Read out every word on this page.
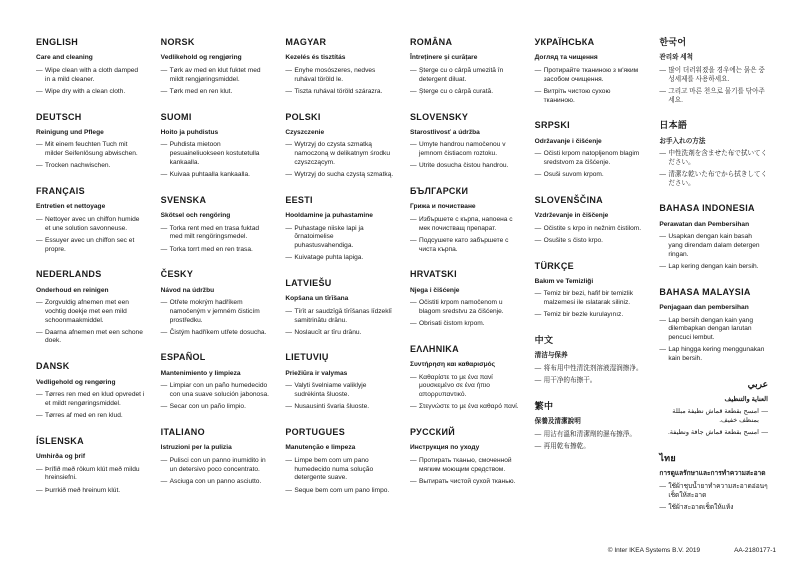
ENGLISH
Care and cleaning
— Wipe clean with a cloth damped in a mild cleaner.
— Wipe dry with a clean cloth.
DEUTSCH
Reinigung und Pflege
— Mit einem feuchten Tuch mit milder Seifenlösung abwischen.
— Trocken nachwischen.
FRANÇAIS
Entretien et nettoyage
— Nettoyer avec un chiffon humide et une solution savonneuse.
— Essuyer avec un chiffon sec et propre.
NEDERLANDS
Onderhoud en reinigen
— Zorgvuldig afnemen met een vochtig doekje met een mild schoonmaakmiddel.
— Daarna afnemen met een schone doek.
DANSK
Vedligehold og rengøring
— Tørres ren med en klud opvredet i et mildt rengøringsmiddel.
— Tørres af med en ren klud.
ÍSLENSKA
Umhirða og þrif
— Þrífið með rökum klút með mildu hreinsiefni.
— Þurrkið með hreinum klút.
NORSK
Vedlikehold og rengjøring
— Tørk av med en klut fuktet med mildt rengjøringsmiddel.
— Tørk med en ren klut.
SUOMI
Hoito ja puhdistus
— Puhdista mietoon pesuaineliuokseen kostutetulla kankaalla.
— Kuivaa puhtaalla kankaalla.
SVENSKA
Skötsel och rengöring
— Torka rent med en trasa fuktad med milt rengöringsmedel.
— Torka torrt med en ren trasa.
ČESKY
Návod na údržbu
— Otřete mokrým hadříkem namočeným v jemném čisticím prostředku.
— Čistým hadříkem utřete dosucha.
ESPAÑOL
Mantenimiento y limpieza
— Limpiar con un paño humedecido con una suave solución jabonosa.
— Secar con un paño limpio.
ITALIANO
Istruzioni per la pulizia
— Pulisci con un panno inumidito in un detersivo poco concentrato.
— Asciuga con un panno asciutto.
MAGYAR
Kezelés és tisztítás
— Enyhe mosószeres, nedves ruhával töröld le.
— Tiszta ruhával töröld szárazra.
POLSKI
Czyszczenie
— Wytrzyj do czysta szmatką namoczoną w delikatnym środku czyszczącym.
— Wytrzyj do sucha czystą szmatką.
EESTI
Hooldamine ja puhastamine
— Puhastage niiske lapi ja õrnatoimelise puhastusvahendiga.
— Kuivatage puhta lapiga.
LATVIEŠU
Kopšana un tīrīšana
— Tīrīt ar saudzīgā tīrīšanas līdzeklī samitrinātu drānu.
— Noslaucīt ar tīru drānu.
LIETUVIŲ
Priežiūra ir valymas
— Valyti švelniame valiklyje sudrėkinta šluoste.
— Nusausinti švaria šluoste.
PORTUGUES
Manutenção e limpeza
— Limpe bem com um pano humedecido numa solução detergente suave.
— Seque bem com um pano limpo.
ROMÂNA
Întreținere și curățare
— Șterge cu o cârpă umezită în detergent diluat.
— Șterge cu o cârpă curată.
SLOVENSKY
Starostlivosť a údržba
— Umyte handrou namočenou v jemnom čistiacom roztoku.
— Utrite dosucha čistou handrou.
БЪЛГАРСКИ
Грижа и почистване
— Избършете с кърпа, напоена с мек почистващ препарат.
— Подсушете като забършете с чиста кърпа.
HRVATSKI
Njega i čišćenje
— Očistiti krpom namočenom u blagom sredstvu za čišćenje.
— Obrisati čistom krpom.
ΕΛΛΗΝΙΚΑ
Συντήρηση και καθαρισμός
— Καθαρίστε το με ένα πανί μουσκεμένο σε ένα ήπιο απορρυπαντικό.
— Στεγνώστε το με ένα καθαρό πανί.
РУССКИЙ
Инструкция по уходу
— Протирать тканью, смоченной мягким моющим средством.
— Вытирать чистой сухой тканью.
УКРАЇНСЬКА
Догляд та чищення
— Протирайте тканиною з м'яким засобом очищення.
— Витріть чистою сухою тканиною.
SRPSKI
Održavanje i čišćenje
— Očisti krpom natopljenom blagim sredstvom za čišćenje.
— Osuši suvom krpom.
SLOVENŠČINA
Vzdrževanje in čiščenje
— Očistite s krpo in nežnim čistilom.
— Osušite s čisto krpo.
TÜRKÇE
Bakım ve Temizliği
— Temiz bir bezi, hafif bir temizlik malzemesi ile ıslatarak siliniz.
— Temiz bir bezle kurulayınız.
中文
清洁与保养
— 将布用中性清洗剂溶液湿润擦净。
— 用干净的布擦干。
繁中
保養及清潔說明
— 用沾有溫和清潔劑的濕布擦淨。
— 再用乾布擦乾。
한국어
관리와 세척
— 많이 더러워졌을 경우에는 묽은 중성세제를 사용하세요.
— 그리고 마른 천으로 물기를 닦아주세요.
日本語
お手入れの方法
— 中性洗剤を含ませた布で拭いてください。
— 清潔な乾いた布でから拭きしてください。
BAHASA INDONESIA
Perawatan dan Pembersihan
— Usapkan dengan kain basah yang direndam dalam detergen ringan.
— Lap kering dengan kain bersih.
BAHASA MALAYSIA
Penjagaan dan pembersihan
— Lap bersih dengan kain yang dilembapkan dengan larutan pencuci lembut.
— Lap hingga kering menggunakan kain bersih.
عربي
العناية والتنظيف
— امسح بقطعة قماش نظيفة مبللة بمنظف خفيف.
— امسح بقطعة قماش جافة ونظيفة.
ไทย
การดูแลรักษาและการทำความสะอาด
— ใช้ผ้าชุบน้ำยาทำความสะอาดอ่อนๆ เช็ดให้สะอาด
— ใช้ผ้าสะอาดเช็ดให้แห้ง
© Inter IKEA Systems B.V. 2019	AA-2180177-1
